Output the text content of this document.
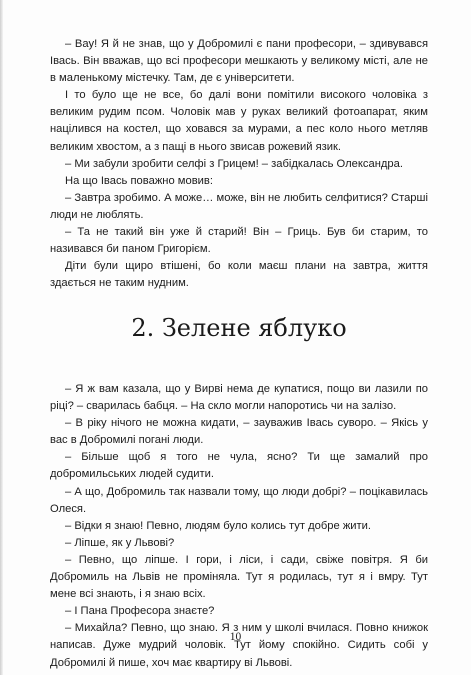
– Вау! Я й не знав, що у Добромилі є пани професори, – здивувався Івась. Він вважав, що всі професори мешкають у великому місті, але не в маленькому містечку. Там, де є університети.

І то було ще не все, бо далі вони помітили високого чоловіка з великим рудим псом. Чоловік мав у руках великий фотоапарат, яким націлився на костел, що ховався за мурами, а пес колo нього метляв великим хвостом, а з пащі в нього звисав рожевий язик.

– Ми забули зробити селфі з Грицем! – забідкалась Олександра.

На що Івась поважно мовив:

– Завтра зробимо. А може… може, він не любить селфитися? Старші люди не люблять.

– Та не такий він уже й старий! Він – Гриць. Був би старим, то називався би паном Григорієм.

Діти були щиро втішені, бо коли маєш плани на завтра, життя здається не таким нудним.

2. Зелене яблуко

– Я ж вам казала, що у Вирві нема де купатися, пощо ви лазили по ріці? – сварилась бабця. – На скло могли напоротись чи на залізо.

– В ріку нічого не можна кидати, – зауважив Івась суворо. – Якісь у вас в Добромилі погані люди.

– Більше щоб я того не чула, ясно? Ти ще замалий про добромильських людей судити.

– А що, Добромиль так назвали тому, що люди добрі? – поцікавилась Олеся.

– Відки я знаю! Певно, людям було колись тут добре жити.

– Ліпше, як у Львові?

– Певно, що ліпше. І гори, і ліси, і сади, свіже повітря. Я би Добромиль на Львів не проміняла. Тут я родилась, тут я і вмру. Тут мене всі знають, і я знаю всіх.

– І Пана Професора знаєте?

– Михайла? Певно, що знаю. Я з ним у школі вчилася. Повно книжок написав. Дуже мудрий чоловік. Тут йому спокійно. Сидить собі у Добромилі й пише, хоч має квартиру ві Львові.

10
